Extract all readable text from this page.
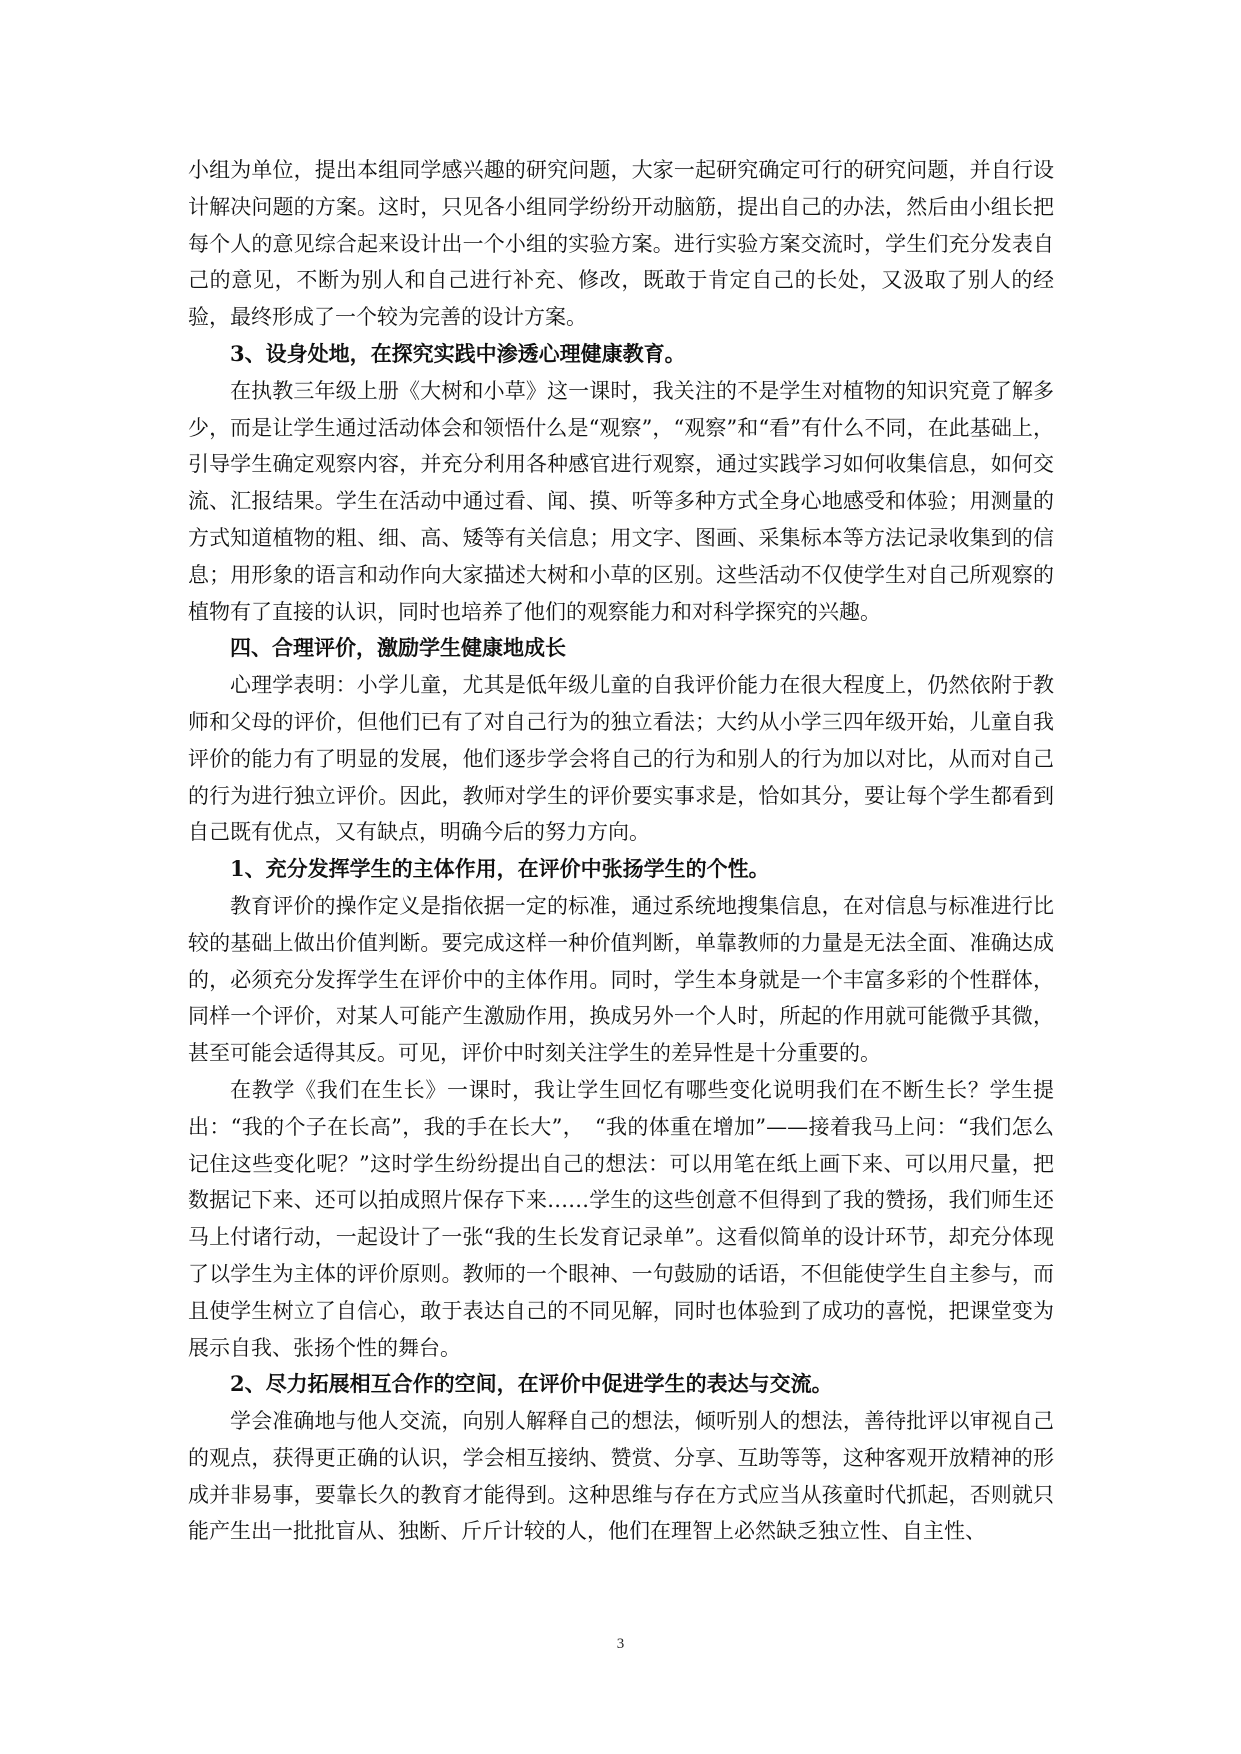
小组为单位，提出本组同学感兴趣的研究问题，大家一起研究确定可行的研究问题，并自行设计解决问题的方案。这时，只见各小组同学纷纷开动脑筋，提出自己的办法，然后由小组长把每个人的意见综合起来设计出一个小组的实验方案。进行实验方案交流时，学生们充分发表自己的意见，不断为别人和自己进行补充、修改，既敢于肯定自己的长处，又汲取了别人的经验，最终形成了一个较为完善的设计方案。

3、设身处地，在探究实践中渗透心理健康教育。

在执教三年级上册《大树和小草》这一课时，我关注的不是学生对植物的知识究竟了解多少，而是让学生通过活动体会和领悟什么是“观察”，“观察”和“看”有什么不同，在此基础上，引导学生确定观察内容，并充分利用各种感官进行观察，通过实践学习如何收集信息，如何交流、汇报结果。学生在活动中通过看、闻、摸、听等多种方式全身心地感受和体验；用测量的方式知道植物的粗、细、高、矮等有关信息；用文字、图画、采集标本等方法记录收集到的信息；用形象的语言和动作向大家描述大树和小草的区别。这些活动不仅使学生对自己所观察的植物有了直接的认识，同时也培养了他们的观察能力和对科学探究的兴趣。

四、合理评价，激励学生健康地成长

心理学表明：小学儿童，尤其是低年级儿童的自我评价能力在很大程度上，仍然依附于教师和父母的评价，但他们已有了对自己行为的独立看法；大约从小学三四年级开始，儿童自我评价的能力有了明显的发展，他们逐步学会将自己的行为和别人的行为加以对比，从而对自己的行为进行独立评价。因此，教师对学生的评价要实事求是，恰如其分，要让每个学生都看到自己既有优点，又有缺点，明确今后的努力方向。

1、充分发挥学生的主体作用，在评价中张扬学生的个性。

教育评价的操作定义是指依据一定的标准，通过系统地搜集信息，在对信息与标准进行比较的基础上做出价值判断。要完成这样一种价值判断，单靠教师的力量是无法全面、准确达成的，必须充分发挥学生在评价中的主体作用。同时，学生本身就是一个丰富多彩的个性群体，同样一个评价，对某人可能产生激励作用，换成另外一个人时，所起的作用就可能微乎其微，甚至可能会适得其反。可见，评价中时刻关注学生的差异性是十分重要的。

在教学《我们在生长》一课时，我让学生回忆有哪些变化说明我们在不断生长？学生提出：“我的个子在长高”，我的手在长大”，　“我的体重在增加”——接着我马上问：“我们怎么记住这些变化呢？”这时学生纷纷提出自己的想法：可以用笔在纸上画下来、可以用尺量，把数据记下来、还可以拍成照片保存下来……学生的这些创意不但得到了我的赞扬，我们师生还马上付诸行动，一起设计了一张“我的生长发育记录单”。这看似简单的设计环节，却充分体现了以学生为主体的评价原则。教师的一个眼神、一句鼓励的话语，不但能使学生自主参与，而且使学生树立了自信心，敢于表达自己的不同见解，同时也体验到了成功的喜悦，把课堂变为展示自我、张扬个性的舞台。

2、尽力拓展相互合作的空间，在评价中促进学生的表达与交流。

学会准确地与他人交流，向别人解释自己的想法，倾听别人的想法，善待批评以审视自己的观点，获得更正确的认识，学会相互接纳、赞赏、分享、互助等等，这种客观开放精神的形成并非易事，要靠长久的教育才能得到。这种思维与存在方式应当从孩童时代抓起，否则就只能产生出一批批盲从、独断、斤斤计较的人，他们在理智上必然缺乏独立性、自主性、

3
